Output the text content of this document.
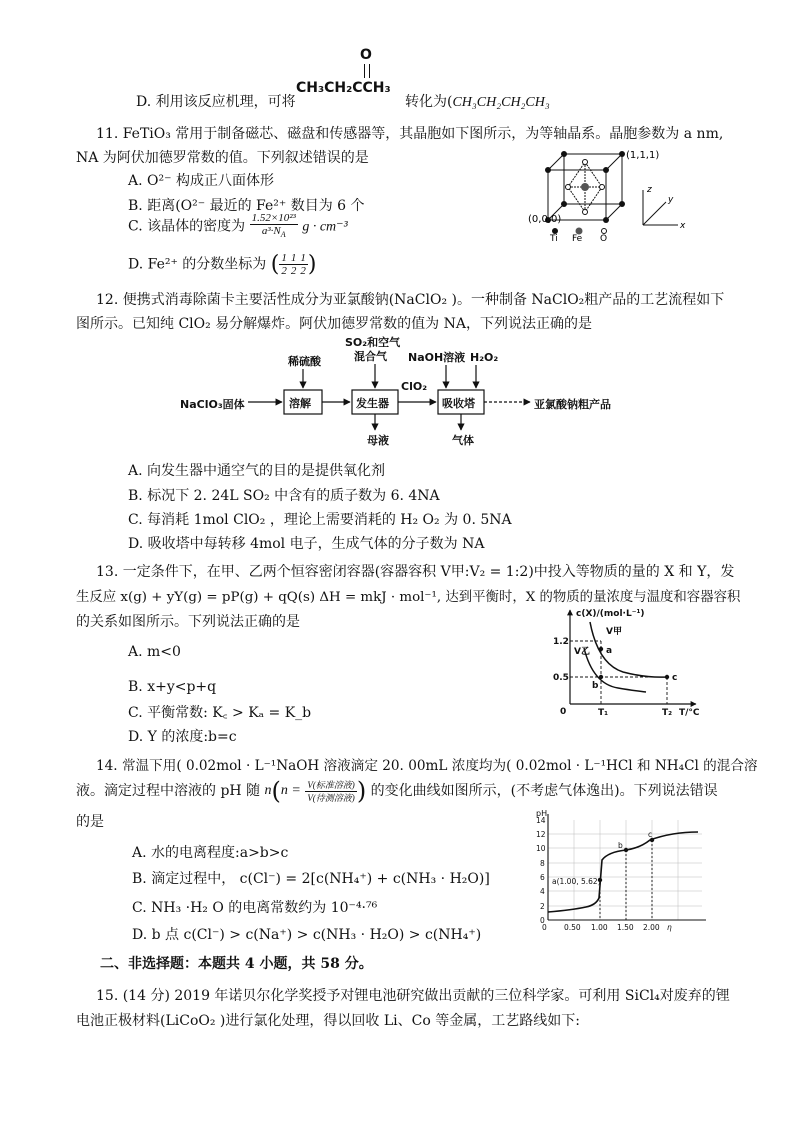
O
CH₃CH₂CCH₃
D. 利用该反应机理，可将	转化为(CH₃CH₂CH₂CH₃
11. FeTiO₃ 常用于制备磁芯、磁盘和传感器等，其晶胞如下图所示，为等轴晶系。晶胞参数为 a nm,
NA 为阿伏加德罗常数的值。下列叙述错误的是
A. O²⁻ 构成正八面体形
B. 距离(O²⁻ 最近的 Fe²⁺ 数目为 6 个
C. 该晶体的密度为 $\frac{\text{1.52×10²³}}{a^3\cdot N_A}$ g · cm⁻³
D. Fe²⁺ 的分数坐标为 ( $\frac{1}{2} \frac{1}{2} \frac{1}{2}$ )
(1,1,1)
(0,0,0)
Ti Fe O
z
x
y
12. 便携式消毒除菌卡主要活性成分为亚氯酸钠(NaClO₂ )。一种制备 NaClO₂粗产品的工艺流程如下
图所示。已知纯 ClO₂ 易分解爆炸。阿伏加德罗常数的值为 NA，下列说法正确的是
NaClO₃固体
稀硫酸
SO₂和空气
混合气 NaOH溶液 H₂O₂
ClO₂
母液	气体
亚氯酸钠粗产品
溶解	发生器	吸收塔
A. 向发生器中通空气的目的是提供氧化剂
B. 标况下 2. 24L SO₂ 中含有的质子数为 6. 4NA
C. 每消耗 1mol ClO₂ ，理论上需要消耗的 H₂ O₂ 为 0. 5NA
D. 吸收塔中每转移 4mol 电子，生成气体的分子数为 NA
13. 一定条件下，在甲、乙两个恒容密闭容器(容器容积 V甲:V₂ = 1:2)中投入等物质的量的 X 和 Y，发
生反应 x(g) + yY(g) = pP(g) + qQ(s) ΔH = mkJ · mol⁻¹, 达到平衡时，X 的物质的量浓度与温度和容器容积
的关系如图所示。下列说法正确的是
A. m<0
B. x+y<p+q
C. 平衡常数: K꜀ > Kₐ = K_b
D. Y 的浓度:b=c
c(X)/(mol·L⁻¹)
1.2
0.5
0	T₁	T₂ T/°C
V甲
V乙 a
b
c
14. 常温下用( 0.02mol · L⁻¹NaOH 溶液滴定 20. 00mL 浓度均为( 0.02mol · L⁻¹HCl 和 NH₄Cl 的混合溶
液。滴定过程中溶液的 pH 随 $n(n = \frac{\text{V(标准溶液)}}{\text{V(待测溶液)}}$ ) 的变化曲线如图所示，(不考虑气体逸出)。下列说法错误
的是
A. 水的电离程度:a>b>c
B. 滴定过程中， c(Cl⁻) = 2[c(NH₄⁺) + c(NH₃ · H₂O)]
C. NH₃ ·H₂ O 的电离常数约为 10⁻⁴·⁷⁶
D. b 点 c(Cl⁻) > c(Na⁺) > c(NH₃ · H₂O) > c(NH₄⁺)
pH
0
2
4
6
8
10
12
14
0 0.50 1.00 1.50 2.00 η
a(1.00, 5.62)
b
c
二、非选择题：本题共 4 小题，共 58 分。
15. (14 分) 2019 年诺贝尔化学奖授予对锂电池研究做出贡献的三位科学家。可利用 SiCl₄对废弃的锂
电池正极材料(LiCoO₂ )进行氯化处理，得以回收 Li、Co 等金属，工艺路线如下:
